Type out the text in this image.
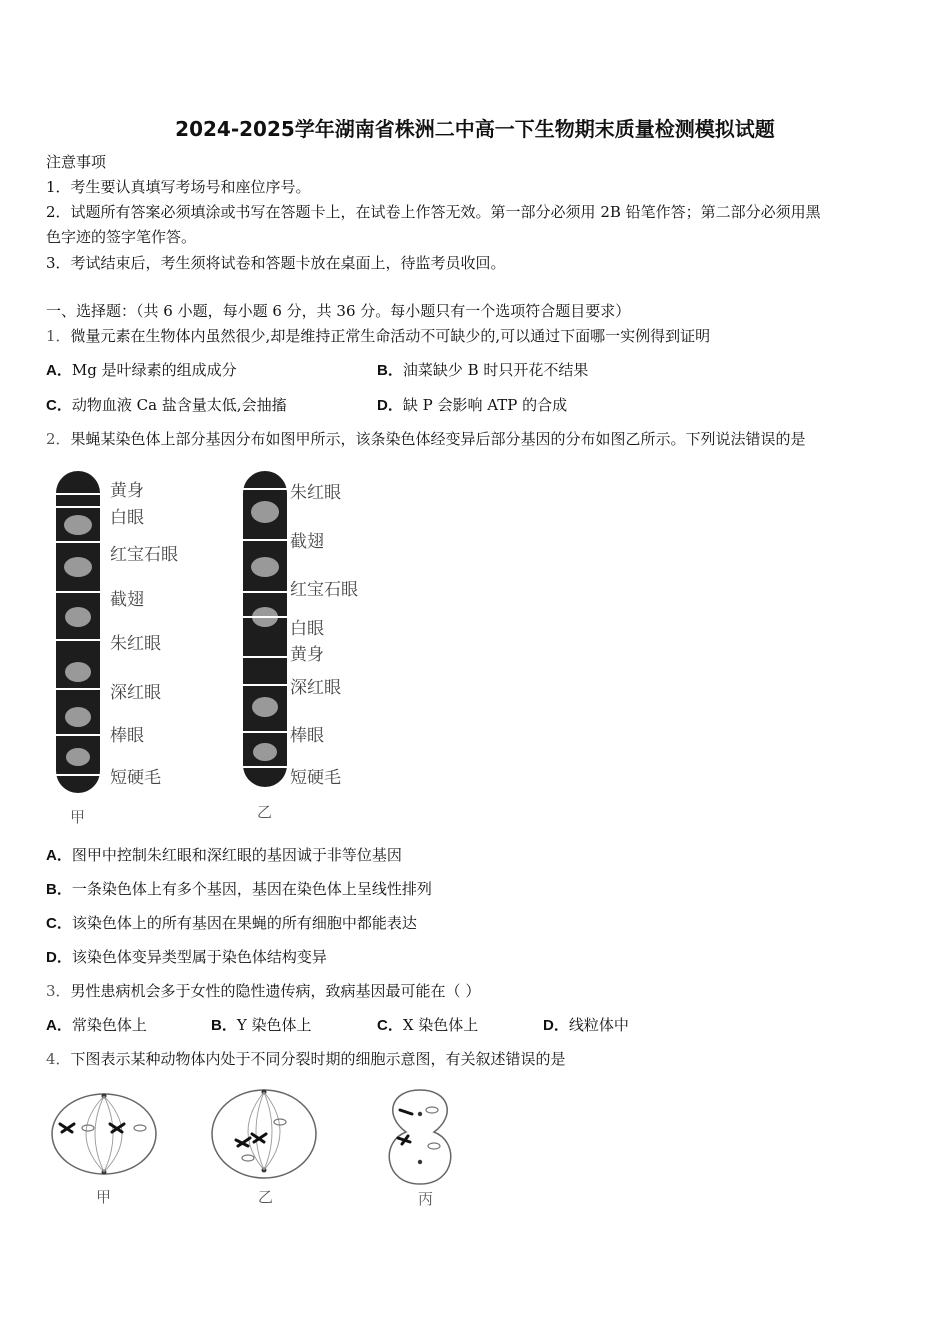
2024-2025学年湖南省株洲二中高一下生物期末质量检测模拟试题
注意事项
1．考生要认真填写考场号和座位序号。
2．试题所有答案必须填涂或书写在答题卡上，在试卷上作答无效。第一部分必须用 2B 铅笔作答；第二部分必须用黑
色字迹的签字笔作答。
3．考试结束后，考生须将试卷和答题卡放在桌面上，待监考员收回。
一、选择题：（共 6 小题，每小题 6 分，共 36 分。每小题只有一个选项符合题目要求）
1．微量元素在生物体内虽然很少,却是维持正常生命活动不可缺少的,可以通过下面哪一实例得到证明
A．Mg 是叶绿素的组成成分	B．油菜缺少 B 时只开花不结果
C．动物血液 Ca 盐含量太低,会抽搐	D．缺 P 会影响 ATP 的合成
2．果蝇某染色体上部分基因分布如图甲所示，该条染色体经变异后部分基因的分布如图乙所示。下列说法错误的是
黄身
白眼
红宝石眼
截翅
朱红眼
深红眼
棒眼
短硬毛
甲
朱红眼
截翅
红宝石眼
白眼
黄身
深红眼
棒眼
短硬毛
乙
A．图甲中控制朱红眼和深红眼的基因诚于非等位基因
B．一条染色体上有多个基因，基因在染色体上呈线性排列
C．该染色体上的所有基因在果蝇的所有细胞中都能表达
D．该染色体变异类型属于染色体结构变异
3．男性患病机会多于女性的隐性遗传病，致病基因最可能在（ ）
A．常染色体上	B．Y 染色体上	C．X 染色体上	D．线粒体中
4．下图表示某种动物体内处于不同分裂时期的细胞示意图，有关叙述错误的是
甲	乙	丙
